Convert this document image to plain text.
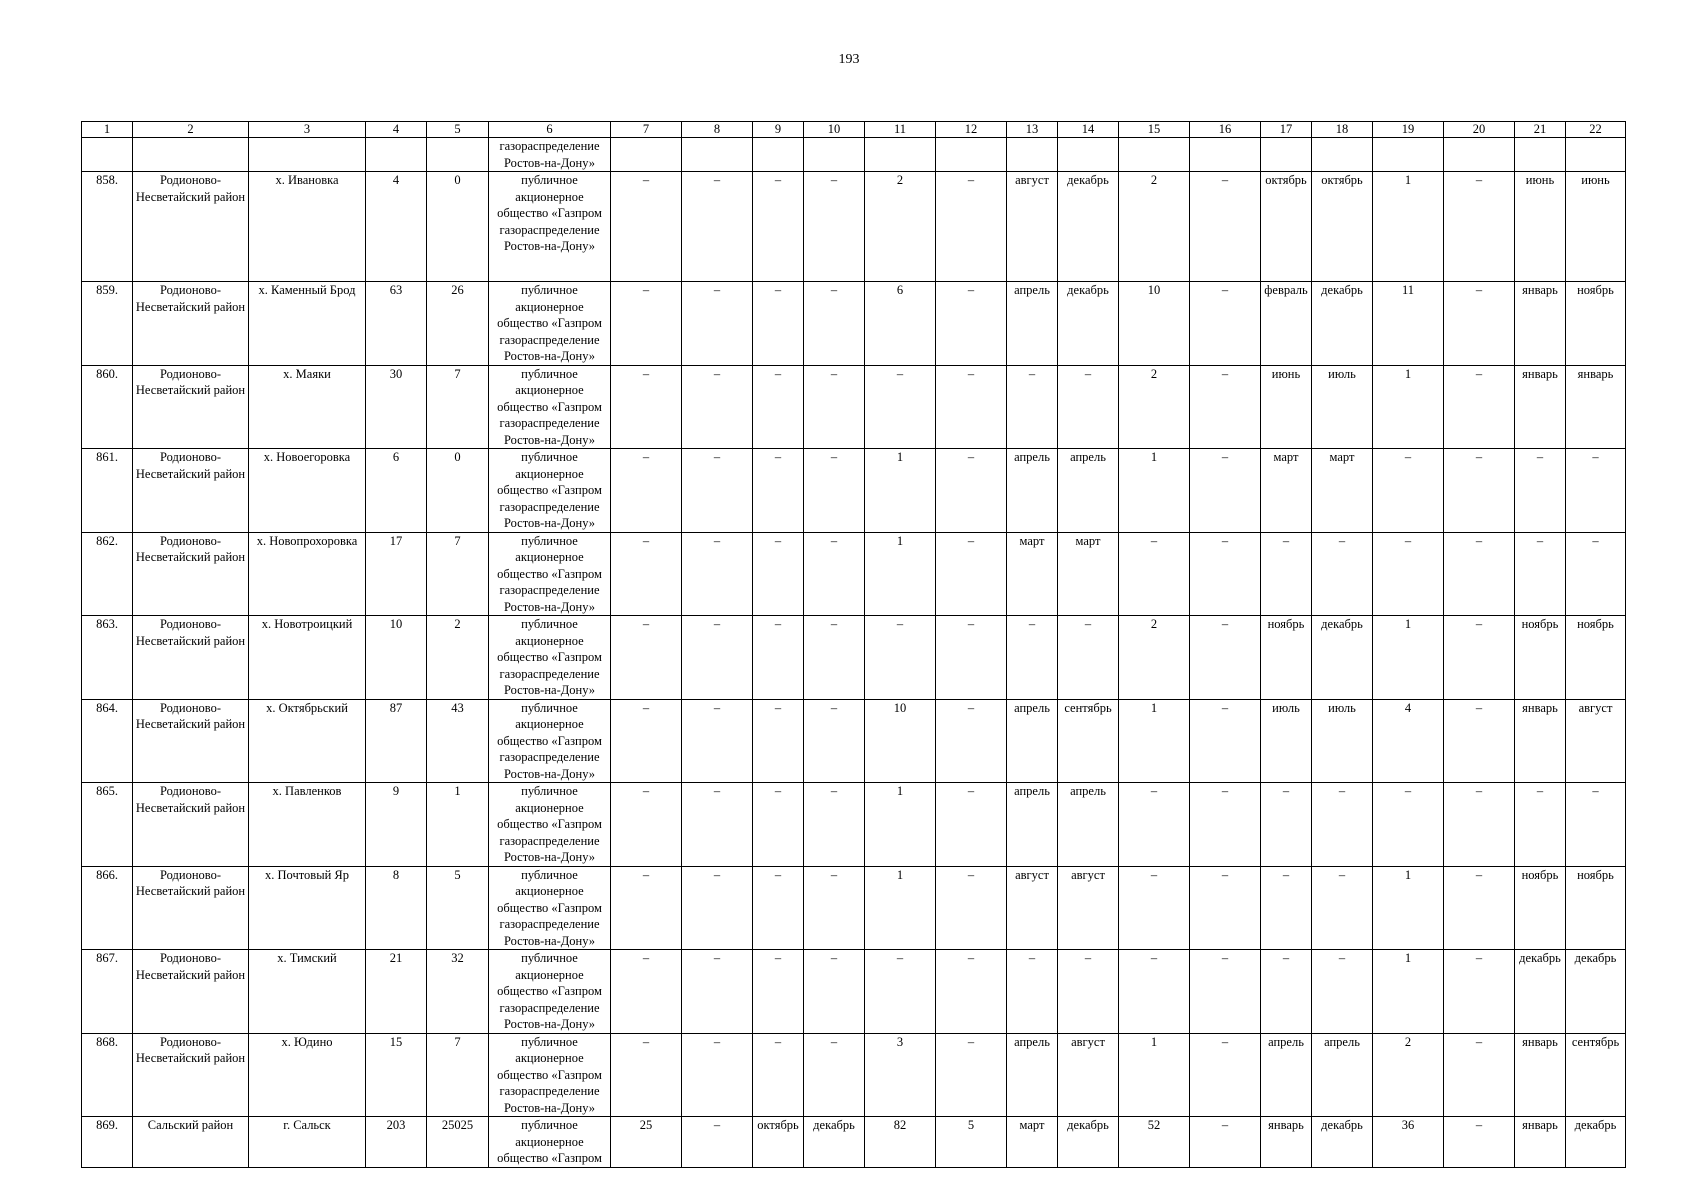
193
1	2	3	4	5	6	7	8	9	10	11	12	13	14	15	16	17	18	19	20	21	22
					газораспределение Ростов-на-Дону»																
858.	Родионово-Несветайский район	х. Ивановка	4	0	публичное акционерное общество «Газпром газораспределение Ростов-на-Дону»	–	–	–	–	2	–	август	декабрь	2	–	октябрь	октябрь	1	–	июнь	июнь
859.	Родионово-Несветайский район	х. Каменный Брод	63	26	публичное акционерное общество «Газпром газораспределение Ростов-на-Дону»	–	–	–	–	6	–	апрель	декабрь	10	–	февраль	декабрь	11	–	январь	ноябрь
860.	Родионово-Несветайский район	х. Маяки	30	7	публичное акционерное общество «Газпром газораспределение Ростов-на-Дону»	–	–	–	–	–	–	–	–	2	–	июнь	июль	1	–	январь	январь
861.	Родионово-Несветайский район	х. Новоегоровка	6	0	публичное акционерное общество «Газпром газораспределение Ростов-на-Дону»	–	–	–	–	1	–	апрель	апрель	1	–	март	март	–	–	–	–
862.	Родионово-Несветайский район	х. Новопрохоровка	17	7	публичное акционерное общество «Газпром газораспределение Ростов-на-Дону»	–	–	–	–	1	–	март	март	–	–	–	–	–	–	–	–
863.	Родионово-Несветайский район	х. Новотроицкий	10	2	публичное акционерное общество «Газпром газораспределение Ростов-на-Дону»	–	–	–	–	–	–	–	–	2	–	ноябрь	декабрь	1	–	ноябрь	ноябрь
864.	Родионово-Несветайский район	х. Октябрьский	87	43	публичное акционерное общество «Газпром газораспределение Ростов-на-Дону»	–	–	–	–	10	–	апрель	сентябрь	1	–	июль	июль	4	–	январь	август
865.	Родионово-Несветайский район	х. Павленков	9	1	публичное акционерное общество «Газпром газораспределение Ростов-на-Дону»	–	–	–	–	1	–	апрель	апрель	–	–	–	–	–	–	–	–
866.	Родионово-Несветайский район	х. Почтовый Яр	8	5	публичное акционерное общество «Газпром газораспределение Ростов-на-Дону»	–	–	–	–	1	–	август	август	–	–	–	–	1	–	ноябрь	ноябрь
867.	Родионово-Несветайский район	х. Тимский	21	32	публичное акционерное общество «Газпром газораспределение Ростов-на-Дону»	–	–	–	–	–	–	–	–	–	–	–	–	1	–	декабрь	декабрь
868.	Родионово-Несветайский район	х. Юдино	15	7	публичное акционерное общество «Газпром газораспределение Ростов-на-Дону»	–	–	–	–	3	–	апрель	август	1	–	апрель	апрель	2	–	январь	сентябрь
869.	Сальский район	г. Сальск	203	25025	публичное акционерное общество «Газпром	25	–	октябрь	декабрь	82	5	март	декабрь	52	–	январь	декабрь	36	–	январь	декабрь
